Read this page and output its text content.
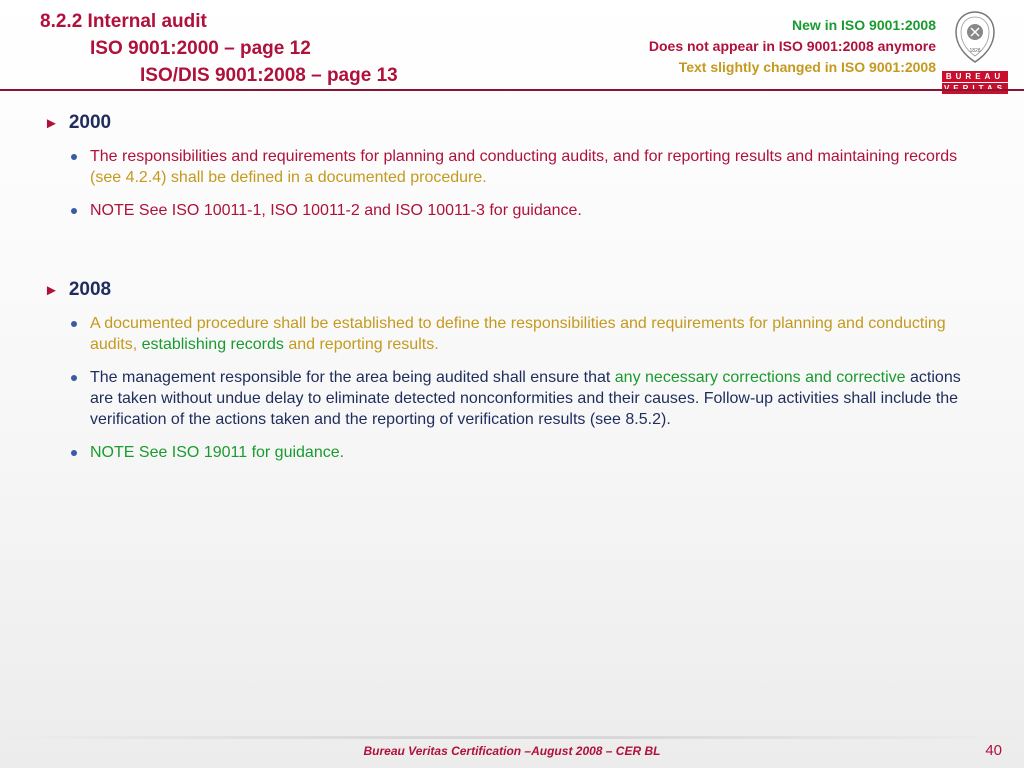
8.2.2 Internal audit
ISO 9001:2000 – page 12
ISO/DIS 9001:2008 – page 13
New in ISO 9001:2008
Does not appear in ISO 9001:2008 anymore
Text slightly changed in ISO 9001:2008
1828
BUREAU
► 2000
The responsibilities and requirements for planning and conducting audits, and for reporting results and maintaining records (see 4.2.4) shall be defined in a documented procedure.
NOTE See ISO 10011-1, ISO 10011-2 and ISO 10011-3 for guidance.
► 2008
A documented procedure shall be established to define the responsibilities and requirements for planning and conducting audits, establishing records and reporting results.
The management responsible for the area being audited shall ensure that any necessary corrections and corrective actions are taken without undue delay to eliminate detected nonconformities and their causes. Follow-up activities shall include the verification of the actions taken and the reporting of verification results (see 8.5.2).
NOTE See ISO 19011 for guidance.
Bureau Veritas Certification –August 2008 – CER BL	40
